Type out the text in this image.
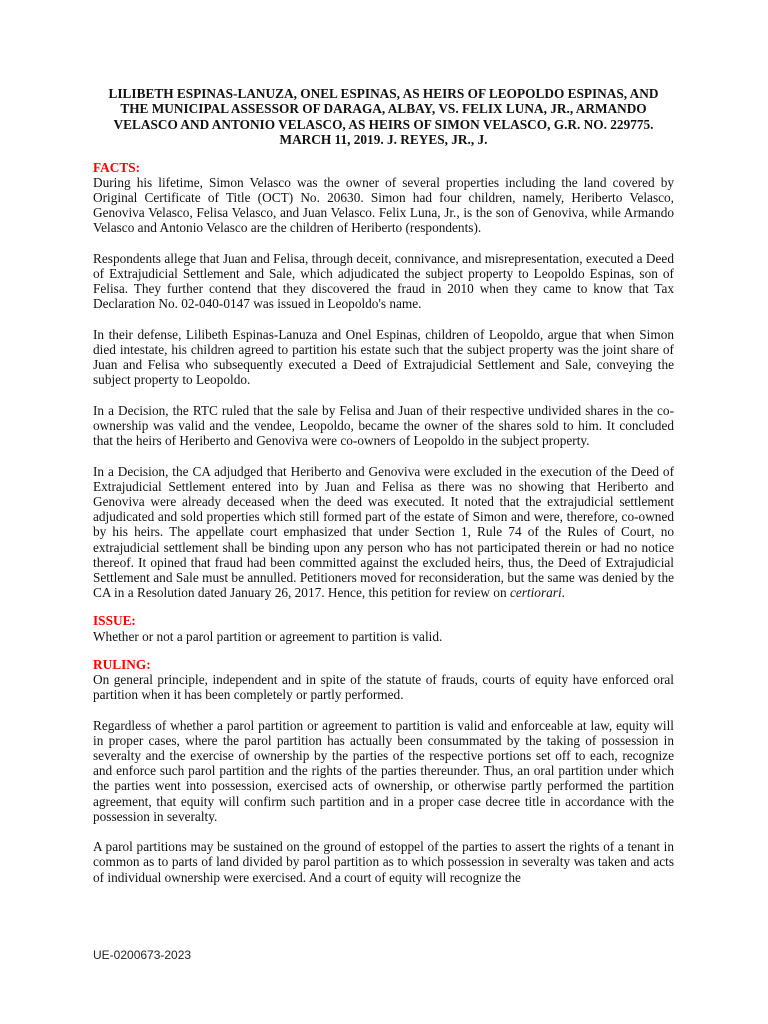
LILIBETH ESPINAS-LANUZA, ONEL ESPINAS, AS HEIRS OF LEOPOLDO ESPINAS, AND THE MUNICIPAL ASSESSOR OF DARAGA, ALBAY, VS. FELIX LUNA, JR., ARMANDO VELASCO AND ANTONIO VELASCO, AS HEIRS OF SIMON VELASCO, G.R. NO. 229775. MARCH 11, 2019. J. REYES, JR., J.
FACTS:

During his lifetime, Simon Velasco was the owner of several properties including the land covered by Original Certificate of Title (OCT) No. 20630. Simon had four children, namely, Heriberto Velasco, Genoviva Velasco, Felisa Velasco, and Juan Velasco. Felix Luna, Jr., is the son of Genoviva, while Armando Velasco and Antonio Velasco are the children of Heriberto (respondents).

Respondents allege that Juan and Felisa, through deceit, connivance, and misrepresentation, executed a Deed of Extrajudicial Settlement and Sale, which adjudicated the subject property to Leopoldo Espinas, son of Felisa. They further contend that they discovered the fraud in 2010 when they came to know that Tax Declaration No. 02-040-0147 was issued in Leopoldo's name.

In their defense, Lilibeth Espinas-Lanuza and Onel Espinas, children of Leopoldo, argue that when Simon died intestate, his children agreed to partition his estate such that the subject property was the joint share of Juan and Felisa who subsequently executed a Deed of Extrajudicial Settlement and Sale, conveying the subject property to Leopoldo.

In a Decision, the RTC ruled that the sale by Felisa and Juan of their respective undivided shares in the co-ownership was valid and the vendee, Leopoldo, became the owner of the shares sold to him. It concluded that the heirs of Heriberto and Genoviva were co-owners of Leopoldo in the subject property.

In a Decision, the CA adjudged that Heriberto and Genoviva were excluded in the execution of the Deed of Extrajudicial Settlement entered into by Juan and Felisa as there was no showing that Heriberto and Genoviva were already deceased when the deed was executed. It noted that the extrajudicial settlement adjudicated and sold properties which still formed part of the estate of Simon and were, therefore, co-owned by his heirs. The appellate court emphasized that under Section 1, Rule 74 of the Rules of Court, no extrajudicial settlement shall be binding upon any person who has not participated therein or had no notice thereof. It opined that fraud had been committed against the excluded heirs, thus, the Deed of Extrajudicial Settlement and Sale must be annulled. Petitioners moved for reconsideration, but the same was denied by the CA in a Resolution dated January 26, 2017. Hence, this petition for review on certiorari.

ISSUE:

Whether or not a parol partition or agreement to partition is valid.

RULING:

On general principle, independent and in spite of the statute of frauds, courts of equity have enforced oral partition when it has been completely or partly performed.

Regardless of whether a parol partition or agreement to partition is valid and enforceable at law, equity will in proper cases, where the parol partition has actually been consummated by the taking of possession in severalty and the exercise of ownership by the parties of the respective portions set off to each, recognize and enforce such parol partition and the rights of the parties thereunder. Thus, an oral partition under which the parties went into possession, exercised acts of ownership, or otherwise partly performed the partition agreement, that equity will confirm such partition and in a proper case decree title in accordance with the possession in severalty.

A parol partitions may be sustained on the ground of estoppel of the parties to assert the rights of a tenant in common as to parts of land divided by parol partition as to which possession in severalty was taken and acts of individual ownership were exercised. And a court of equity will recognize the

UE-0200673-2023
